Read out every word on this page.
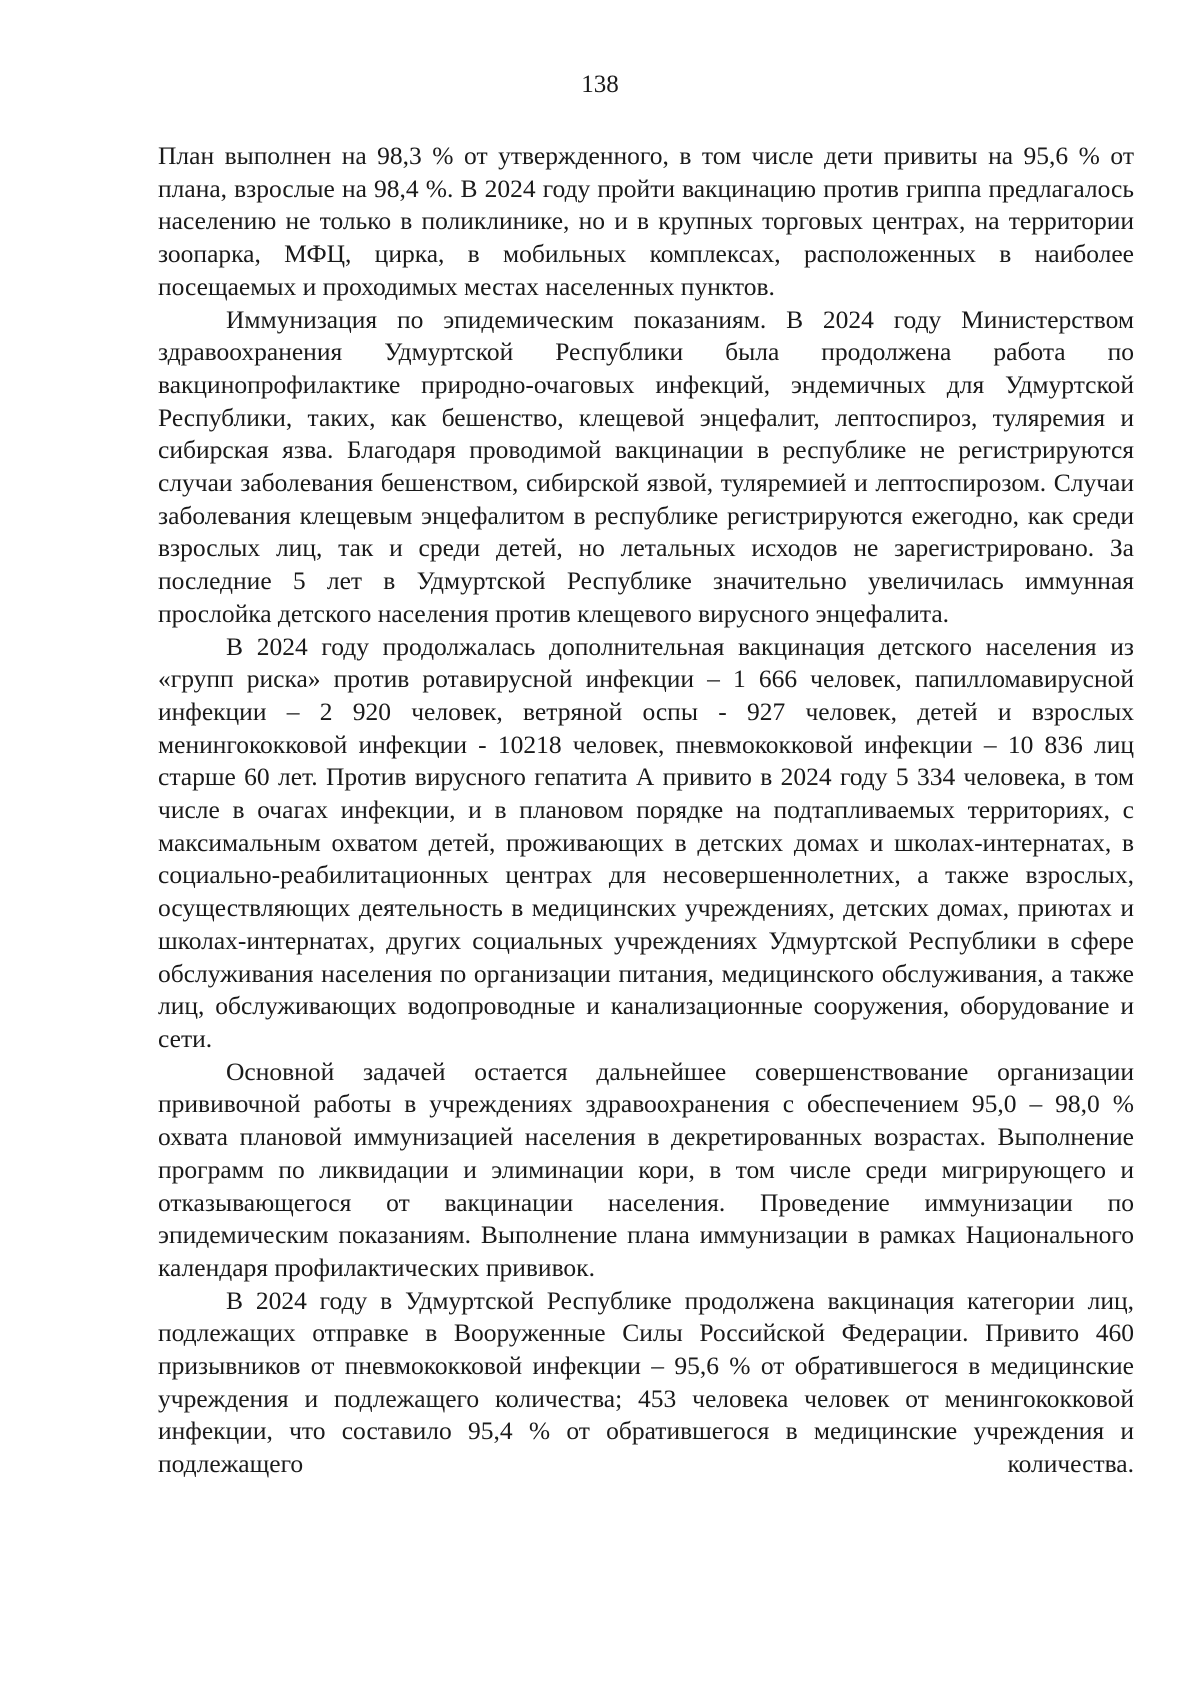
138

План выполнен на 98,3 % от утвержденного, в том числе дети привиты на 95,6 % от плана, взрослые на 98,4 %. В 2024 году пройти вакцинацию против гриппа предлагалось населению не только в поликлинике, но и в крупных торговых центрах, на территории зоопарка, МФЦ, цирка, в мобильных комплексах, расположенных в наиболее посещаемых и проходимых местах населенных пунктов.

Иммунизация по эпидемическим показаниям. В 2024 году Министерством здравоохранения Удмуртской Республики была продолжена работа по вакцинопрофилактике природно-очаговых инфекций, эндемичных для Удмуртской Республики, таких, как бешенство, клещевой энцефалит, лептоспироз, туляремия и сибирская язва. Благодаря проводимой вакцинации в республике не регистрируются случаи заболевания бешенством, сибирской язвой, туляремией и лептоспирозом. Случаи заболевания клещевым энцефалитом в республике регистрируются ежегодно, как среди взрослых лиц, так и среди детей, но летальных исходов не зарегистрировано. За последние 5 лет в Удмуртской Республике значительно увеличилась иммунная прослойка детского населения против клещевого вирусного энцефалита.

В 2024 году продолжалась дополнительная вакцинация детского населения из «групп риска» против ротавирусной инфекции – 1 666 человек, папилломавирусной инфекции – 2 920 человек, ветряной оспы - 927 человек, детей и взрослых менингококковой инфекции - 10218 человек, пневмококковой инфекции – 10 836 лиц старше 60 лет. Против вирусного гепатита А привито в 2024 году 5 334 человека, в том числе в очагах инфекции, и в плановом порядке на подтапливаемых территориях, с максимальным охватом детей, проживающих в детских домах и школах-интернатах, в социально-реабилитационных центрах для несовершеннолетних, а также взрослых, осуществляющих деятельность в медицинских учреждениях, детских домах, приютах и школах-интернатах, других социальных учреждениях Удмуртской Республики в сфере обслуживания населения по организации питания, медицинского обслуживания, а также лиц, обслуживающих водопроводные и канализационные сооружения, оборудование и сети.

Основной задачей остается дальнейшее совершенствование организации прививочной работы в учреждениях здравоохранения с обеспечением 95,0 – 98,0 % охвата плановой иммунизацией населения в декретированных возрастах. Выполнение программ по ликвидации и элиминации кори, в том числе среди мигрирующего и отказывающегося от вакцинации населения. Проведение иммунизации по эпидемическим показаниям. Выполнение плана иммунизации в рамках Национального календаря профилактических прививок.

В 2024 году в Удмуртской Республике продолжена вакцинация категории лиц, подлежащих отправке в Вооруженные Силы Российской Федерации. Привито 460 призывников от пневмококковой инфекции – 95,6 % от обратившегося в медицинские учреждения и подлежащего количества; 453 человека человек от менингококковой инфекции, что составило 95,4 % от обратившегося в медицинские учреждения и подлежащего количества.
